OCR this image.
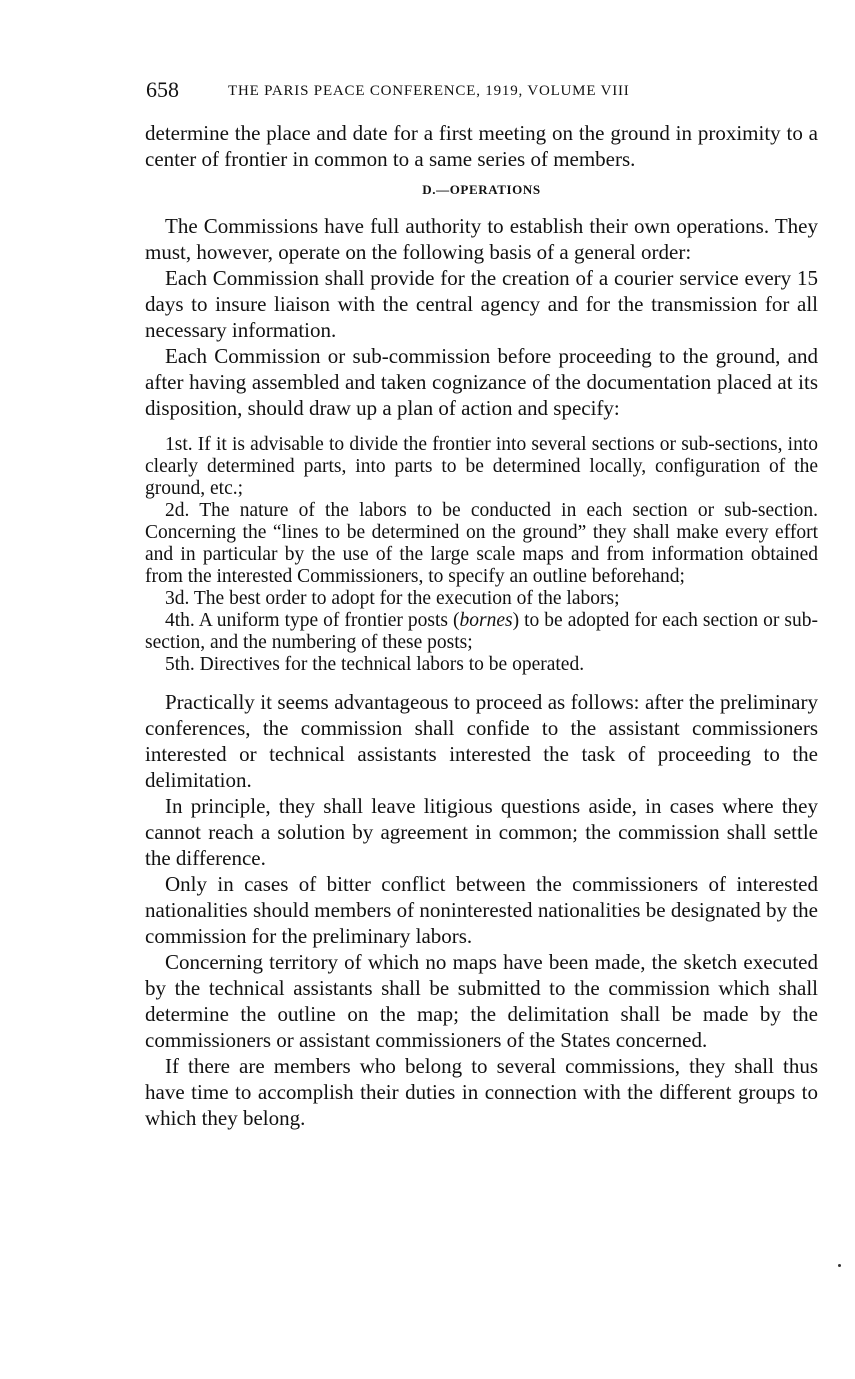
658	THE PARIS PEACE CONFERENCE, 1919, VOLUME VIII

determine the place and date for a first meeting on the ground in proximity to a center of frontier in common to a same series of members.

D.—OPERATIONS

The Commissions have full authority to establish their own operations. They must, however, operate on the following basis of a general order:

Each Commission shall provide for the creation of a courier service every 15 days to insure liaison with the central agency and for the transmission for all necessary information.

Each Commission or sub-commission before proceeding to the ground, and after having assembled and taken cognizance of the documentation placed at its disposition, should draw up a plan of action and specify:

1st. If it is advisable to divide the frontier into several sections or sub-sections, into clearly determined parts, into parts to be determined locally, configuration of the ground, etc.;

2d. The nature of the labors to be conducted in each section or sub-section. Concerning the “lines to be determined on the ground” they shall make every effort and in particular by the use of the large scale maps and from information obtained from the interested Commissioners, to specify an outline beforehand;

3d. The best order to adopt for the execution of the labors;

4th. A uniform type of frontier posts (bornes) to be adopted for each section or sub-section, and the numbering of these posts;

5th. Directives for the technical labors to be operated.

Practically it seems advantageous to proceed as follows: after the preliminary conferences, the commission shall confide to the assistant commissioners interested or technical assistants interested the task of proceeding to the delimitation.

In principle, they shall leave litigious questions aside, in cases where they cannot reach a solution by agreement in common; the commission shall settle the difference.

Only in cases of bitter conflict between the commissioners of interested nationalities should members of noninterested nationalities be designated by the commission for the preliminary labors.

Concerning territory of which no maps have been made, the sketch executed by the technical assistants shall be submitted to the commission which shall determine the outline on the map; the delimitation shall be made by the commissioners or assistant commissioners of the States concerned.

If there are members who belong to several commissions, they shall thus have time to accomplish their duties in connection with the different groups to which they belong.
